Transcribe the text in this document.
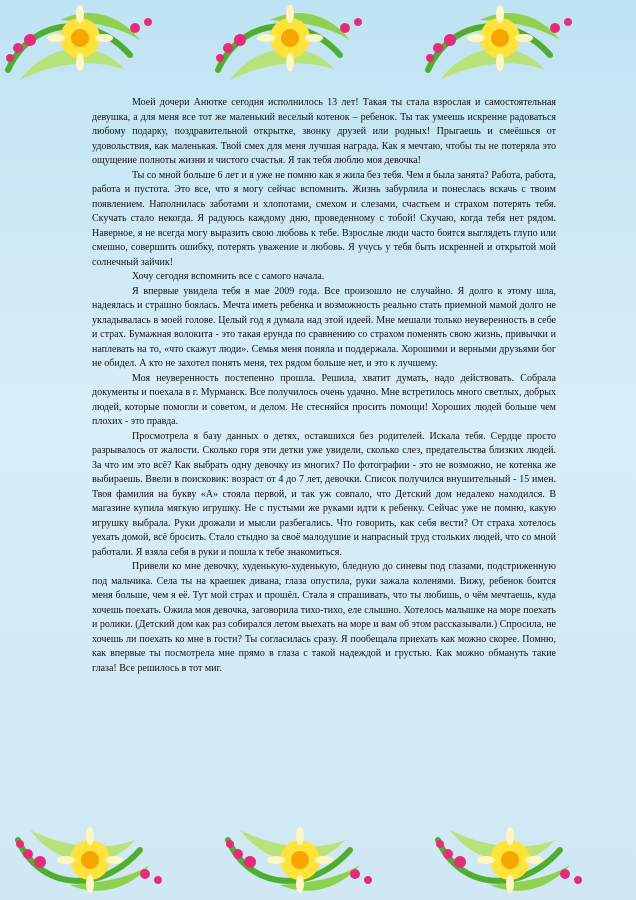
Моей дочери Анютке сегодня исполнилось 13 лет! Такая ты стала взрослая и самостоятельная девушка, а для меня все тот же маленький веселый котенок – ребенок. Ты так умеешь искренне радоваться любому подарку, поздравительной открытке, звонку друзей или родных! Прыгаешь и смеёшься от удовольствия, как маленькая. Твой смех для меня лучшая награда. Как я мечтаю, чтобы ты не потеряла это ощущение полноты жизни и чистого счастья. Я так тебя люблю моя девочка!

Ты со мной больше 6 лет и я уже не помню как я жила без тебя. Чем я была занята? Работа, работа, работа и пустота. Это все, что я могу сейчас вспомнить. Жизнь забурлила и понеслась вскачь с твоим появлением. Наполнилась заботами и хлопотами, смехом и слезами, счастьем и страхом потерять тебя. Скучать стало некогда. Я радуюсь каждому дню, проведенному с тобой! Скучаю, когда тебя нет рядом. Наверное, я не всегда могу выразить свою любовь к тебе. Взрослые люди часто боятся выглядеть глупо или смешно, совершить ошибку, потерять уважение и любовь. Я учусь у тебя быть искренней и открытой мой солнечный зайчик!

Хочу сегодня вспомнить все с самого начала.

Я впервые увидела тебя в мае 2009 года. Все произошло не случайно. Я долго к этому шла, надеялась и страшно боялась. Мечта иметь ребенка и возможность реально стать приемной мамой долго не укладывалась в моей голове. Целый год я думала над этой идеей. Мне мешали только неуверенность в себе и страх. Бумажная волокита - это такая ерунда по сравнению со страхом поменять свою жизнь, привычки и наплевать на то, «что скажут люди». Семья меня поняла и поддержала. Хорошими и верными друзьями бог не обидел. А кто не захотел понять меня, тех рядом больше нет, и это к лучшему.

Моя неуверенность постепенно прошла. Решила, хватит думать, надо действовать. Собрала документы и поехала в г. Мурманск. Все получилось очень удачно. Мне встретилось много светлых, добрых людей, которые помогли и советом, и делом. Не стесняйся просить помощи! Хороших людей больше чем плохих - это правда.

Просмотрела я базу данных о детях, оставшихся без родителей. Искала тебя. Сердце просто разрывалось от жалости. Сколько горя эти детки уже увидели, сколько слез, предательства близких людей. За что им это всё? Как выбрать одну девочку из многих? По фотографии - это не возможно, не котенка же выбираешь. Ввели в поисковик: возраст от 4 до 7 лет, девочки. Список получился внушительный - 15 имен. Твоя фамилия на букву «А» стояла первой, и так уж совпало, что Детский дом недалеко находился. В магазине купила мягкую игрушку. Не с пустыми же руками идти к ребенку. Сейчас уже не помню, какую игрушку выбрала. Руки дрожали и мысли разбегались. Что говорить, как себя вести? От страха хотелось уехать домой, всё бросить. Стало стыдно за своё малодушие и напрасный труд стольких людей, что со мной работали. Я взяла себя в руки и пошла к тебе знакомиться.

Привели ко мне девочку, худенькую-худенькую, бледную до синевы под глазами, подстриженную под мальчика. Села ты на краешек дивана, глаза опустила, руки зажала коленями. Вижу, ребенок боится меня больше, чем я её. Тут мой страх и прошёл. Стала я спрашивать, что ты любишь, о чём мечтаешь, куда хочешь поехать. Ожила моя девочка, заговорила тихо-тихо, еле слышно. Хотелось малышке на море поехать и ролики. (Детский дом как раз собирался летом выехать на море и вам об этом рассказывали.) Спросила, не хочешь ли поехать ко мне в гости? Ты согласилась сразу. Я пообещала приехать как можно скорее. Помню, как впервые ты посмотрела мне прямо в глаза с такой надеждой и грустью. Как можно обмануть такие глаза! Все решилось в тот миг.
